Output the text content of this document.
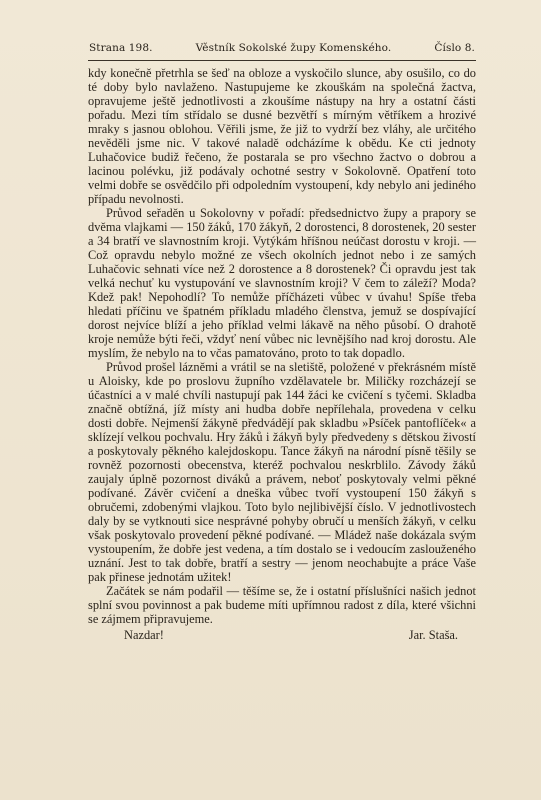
Strana 198.	Věstník Sokolské župy Komenského.	Číslo 8.

kdy konečně přetrhla se šeď na obloze a vyskočilo slunce, aby osušilo, co do té doby bylo navlaženo. Nastupujeme ke zkouškám na společná žactva, opravujeme ještě jednotlivosti a zkoušíme nástupy na hry a ostatní části pořadu. Mezi tím střídalo se dusné bezvětří s mírným větříkem a hrozivé mraky s jasnou oblohou. Věřili jsme, že již to vydrží bez vláhy, ale určitého nevěděli jsme nic. V takové naladě odcházíme k obědu. Ke cti jednoty Luhačovice budiž řečeno, že postarala se pro všechno žactvo o dobrou a lacinou polévku, již podávaly ochotné sestry v Sokolovně. Opatření toto velmi dobře se osvědčilo při odpoledním vystoupení, kdy nebylo ani jediného případu nevolnosti.

Průvod seřaděn u Sokolovny v pořadí: předsednictvo župy a prapory se dvěma vlajkami — 150 žáků, 170 žákyň, 2 dorostenci, 8 dorostenek, 20 sester a 34 bratří ve slavnostním kroji. Vytýkám hříšnou neúčast dorostu v kroji. — Což opravdu nebylo možné ze všech okolních jednot nebo i ze samých Luhačovic sehnati více než 2 dorostence a 8 dorostenek? Či opravdu jest tak velká nechuť ku vystupování ve slavnostním kroji? V čem to záleží? Moda? Kdež pak! Nepohodlí? To nemůže příčházeti vůbec v úvahu! Spíše třeba hledati příčinu ve špatném příkladu mladého členstva, jemuž se dospívající dorost nejvíce blíží a jeho příklad velmi lákavě na něho působí. O drahotě kroje nemůže býti řeči, vždyť není vůbec nic levnějšího nad kroj dorostu. Ale myslím, že nebylo na to včas pamatováno, proto to tak dopadlo.

Průvod prošel lázněmi a vrátil se na sletiště, položené v překrásném místě u Aloisky, kde po proslovu župního vzdělavatele br. Miličky rozcházejí se účastníci a v malé chvíli nastupují pak 144 žáci ke cvičení s tyčemi. Skladba značně obtížná, jíž místy ani hudba dobře nepřílehala, provedena v celku dosti dobře. Nejmenší žákyně předvádějí pak skladbu »Psíček pantoflíček« a sklízejí velkou pochvalu. Hry žáků i žákyň byly předvedeny s dětskou živostí a poskytovaly pěkného kalejdoskopu. Tance žákyň na národní písně těšily se rovněž pozornosti obecenstva, kteréž pochvalou neskrblilo. Závody žáků zaujaly úplně pozornost diváků a právem, neboť poskytovaly velmi pěkné podívané. Závěr cvičení a dneška vůbec tvoří vystoupení 150 žákyň s obručemi, zdobenými vlajkou. Toto bylo nejlibivější číslo. V jednotlivostech daly by se vytknouti sice nesprávné pohyby obručí u menších žákyň, v celku však poskytovalo provedení pěkné podívané. — Mládež naše dokázala svým vystoupením, že dobře jest vedena, a tím dostalo se i vedoucím zaslouženého uznání. Jest to tak dobře, bratří a sestry — jenom neochabujte a práce Vaše pak přinese jednotám užitek!

Začátek se nám podařil — těšíme se, že i ostatní příslušníci našich jednot splní svou povinnost a pak budeme míti upřímnou radost z díla, které všichni se zájmem připravujeme.

Nazdar!	Jar. Staša.
